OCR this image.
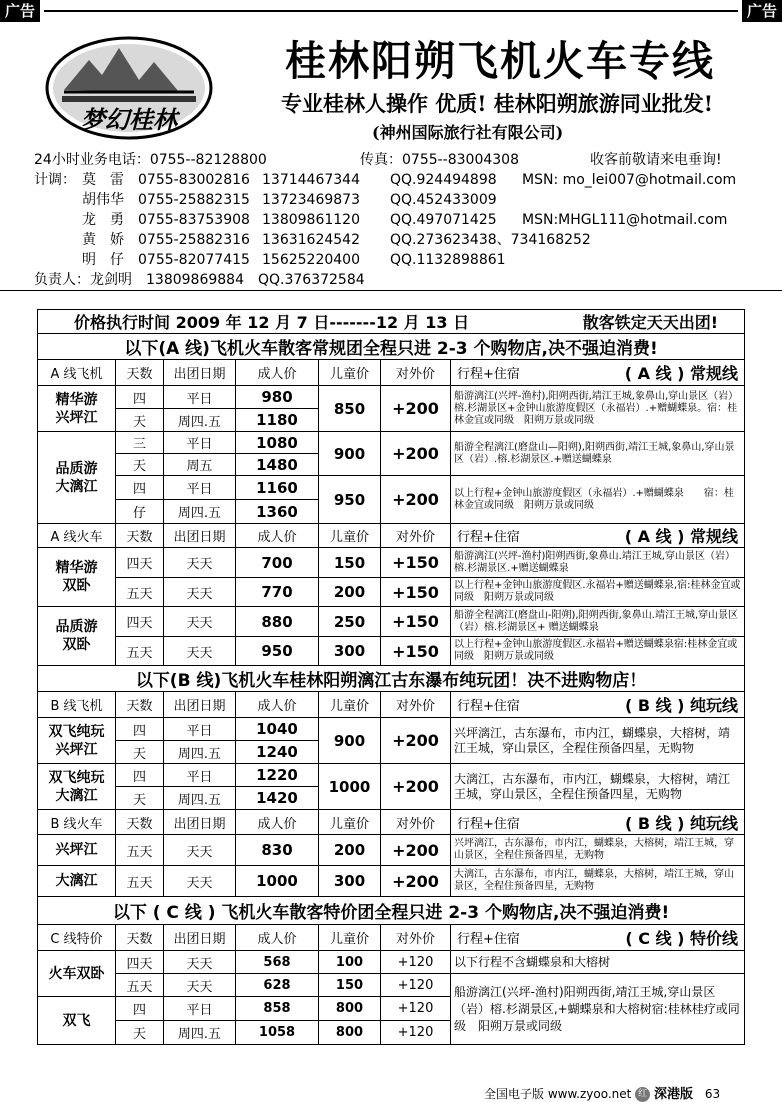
广告	广告
梦幻桂林
桂林阳朔飞机火车专线
专业桂林人操作 优质! 桂林阳朔旅游同业批发!
(神州国际旅行社有限公司)
24小时业务电话：0755--82128800	传真：0755--83004308	收客前敬请来电垂询!
计调： 莫　雷 0755-83002816 13714467344 QQ.924494898 MSN: mo_lei007@hotmail.com
胡伟华 0755-25882315 13723469873 QQ.452433009
龙　勇 0755-83753908 13809861120 QQ.497071425 MSN:MHGL111@hotmail.com
黄　娇 0755-25882316 13631624542 QQ.273623438、734168252
明　仔 0755-82077415 15625220400 QQ.1132898861
负责人：龙剑明　13809869884　QQ.376372584
价格执行时间 2009 年 12 月 7 日-------12 月 13 日 散客铁定天天出团!						

以下(A 线)飞机火车散客常规团全程只进 2-3 个购物店,决不强迫消费!						
A 线飞机	天数	出团日期	成人价	儿童价	对外价	行程+住宿 ( A 线 ) 常规线

精华游
兴坪江	四	平日	980	850	+200	船游漓江(兴坪-渔村),阳朔西街,靖江王城,象鼻山,穿山景区（岩）榕.杉湖景区+金钟山旅游度假区（永福岩）.+赠蝴蝶泉。宿：桂林金宜或同级　阳朔万景或同级
	天	周四.五	1180			
品质游
大漓江	三	平日	1080	900	+200	船游全程漓江(磨盘山—阳朔),阳朔西街,靖江王城,象鼻山,穿山景区（岩）.榕.杉湖景区.+赠送蝴蝶泉
	天	周五	1480			
	四	平日	1160	950	+200	以上行程+金钟山旅游度假区（永福岩）.+赠蝴蝶泉　　宿：桂林金宜或同级　阳朔万景或同级
	仔	周四.五	1360			
A 线火车	天数	出团日期	成人价	儿童价	对外价	行程+住宿 ( A 线 ) 常规线

精华游
双卧	四天	天天	700	150	+150	船游漓江(兴坪-渔村)阳朔西街,象鼻山.靖江王城,穿山景区（岩）榕.杉湖景区.+赠送蝴蝶泉
	五天	天天	770	200	+150	以上行程+金钟山旅游度假区.永福岩+赠送蝴蝶泉,宿:桂林金宜或同级　阳朔万景或同级
品质游
双卧	四天	天天	880	250	+150	船游全程漓江(磨盘山-阳朔),阳朔西街,象鼻山.靖江王城,穿山景区（岩）榕.杉湖景区+ 赠送蝴蝶泉
	五天	天天	950	300	+150	以上行程+金钟山旅游度假区.永福岩+赠送蝴蝶泉宿:桂林金宜或同级　阳朔万景或同级
以下(B 线)飞机火车桂林阳朔漓江古东瀑布纯玩团！决不进购物店！						
B 线飞机	天数	出团日期	成人价	儿童价	对外价	行程+住宿 ( B 线 ) 纯玩线

双飞纯玩
兴坪江	四	平日	1040	900	+200	兴坪漓江，古东瀑布，市内江，蝴蝶泉，大榕树，靖江王城，穿山景区，全程住预备四星，无购物
	天	周四.五	1240			
双飞纯玩
大漓江	四	平日	1220	1000	+200	大漓江，古东瀑布，市内江，蝴蝶泉，大榕树，靖江王城，穿山景区，全程住预备四星，无购物
	天	周四.五	1420			
B 线火车	天数	出团日期	成人价	儿童价	对外价	行程+住宿 ( B 线 ) 纯玩线

兴坪江	五天	天天	830	200	+200	兴坪漓江，古东瀑布，市内江，蝴蝶泉，大榕树，靖江王城，穿山景区，全程住预备四星，无购物
大漓江	五天	天天	1000	300	+200	大漓江，古东瀑布，市内江，蝴蝶泉，大榕树，靖江王城，穿山景区，全程住预备四星，无购物
以下 ( C 线 ) 飞机火车散客特价团全程只进 2-3 个购物店,决不强迫消费!						
C 线特价	天数	出团日期	成人价	儿童价	对外价	行程+住宿 ( C 线 ) 特价线

火车双卧	四天	天天	568	100	+120	以下行程不含蝴蝶泉和大榕树
	五天	天天	628	150	+120	船游漓江(兴坪-渔村)阳朔西街,靖江王城,穿山景区（岩）榕.杉湖景区,+蝴蝶泉和大榕树宿:桂林桂疗或同级　阳朔万景或同级
双飞	四	平日	858	800	+120	
	天	周四.五	1058	800	+120	
全国电子版 www.zyoo.net 红 深港版 63
